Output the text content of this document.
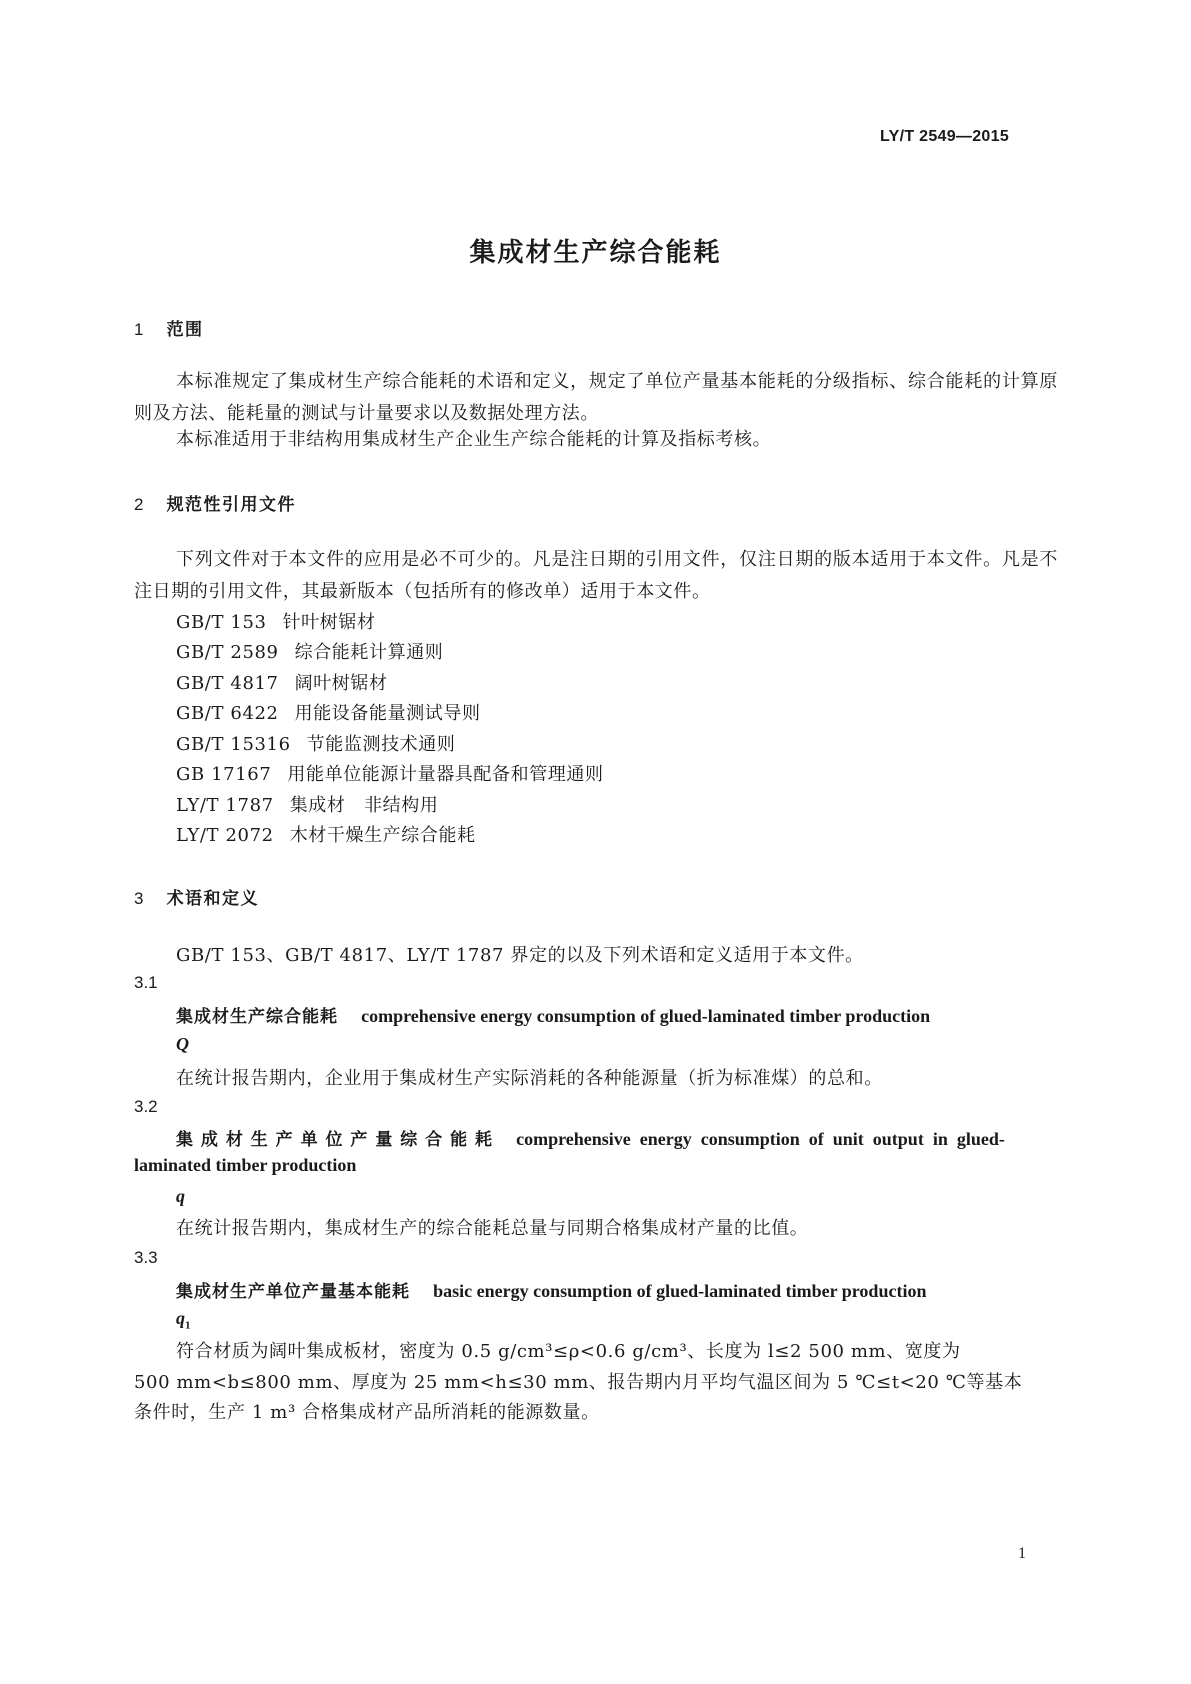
LY/T 2549—2015
集成材生产综合能耗
1 范围
本标准规定了集成材生产综合能耗的术语和定义，规定了单位产量基本能耗的分级指标、综合能耗的计算原则及方法、能耗量的测试与计量要求以及数据处理方法。
本标准适用于非结构用集成材生产企业生产综合能耗的计算及指标考核。
2 规范性引用文件
下列文件对于本文件的应用是必不可少的。凡是注日期的引用文件，仅注日期的版本适用于本文件。凡是不注日期的引用文件，其最新版本（包括所有的修改单）适用于本文件。
GB/T 153 针叶树锯材
GB/T 2589 综合能耗计算通则
GB/T 4817 阔叶树锯材
GB/T 6422 用能设备能量测试导则
GB/T 15316 节能监测技术通则
GB 17167 用能单位能源计量器具配备和管理通则
LY/T 1787 集成材　非结构用
LY/T 2072 木材干燥生产综合能耗
3 术语和定义
GB/T 153、GB/T 4817、LY/T 1787 界定的以及下列术语和定义适用于本文件。
3.1
集成材生产综合能耗 comprehensive energy consumption of glued-laminated timber production
Q
在统计报告期内，企业用于集成材生产实际消耗的各种能源量（折为标准煤）的总和。
3.2
集 成 材 生 产 单 位 产 量 综 合 能 耗 comprehensive  energy  consumption  of  unit  output  in  glued-
laminated timber production
q
在统计报告期内，集成材生产的综合能耗总量与同期合格集成材产量的比值。
3.3
集成材生产单位产量基本能耗 basic energy consumption of glued-laminated timber production
$q_1$
符合材质为阔叶集成板材，密度为 0.5 g/cm³≤ρ<0.6 g/cm³、长度为 l≤2 500 mm、宽度为
500 mm<b≤800 mm、厚度为 25 mm<h≤30 mm、报告期内月平均气温区间为 5 ℃≤t<20 ℃等基本
条件时，生产 1 m³ 合格集成材产品所消耗的能源数量。
1
